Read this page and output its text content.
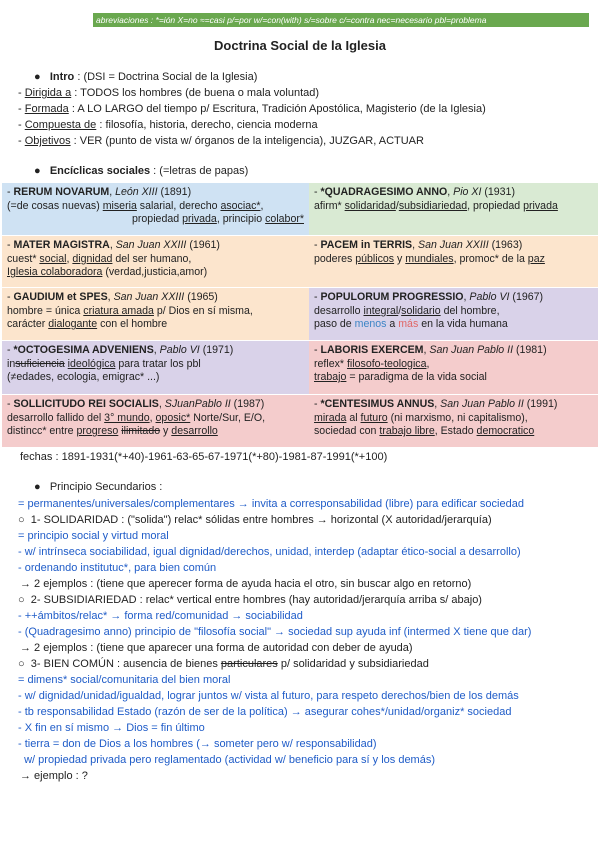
abreviaciones : *=ión X=no ≈=casi p/=por w/=con(with) s/=sobre c/=contra nec=necesario pbl=problema
Doctrina Social de la Iglesia
● Intro : (DSI = Doctrina Social de la Iglesia)
- Dirigida a : TODOS los hombres (de buena o mala voluntad)
- Formada : A LO LARGO del tiempo p/ Escritura, Tradición Apostólica, Magisterio (de la Iglesia)
- Compuesta de : filosofía, historia, derecho, ciencia moderna
- Objetivos : VER (punto de vista w/ órganos de la inteligencia), JUZGAR, ACTUAR
● Encíclicas sociales : (=letras de papas)
- RERUM NOVARUM, León XIII (1891)
(=de cosas nuevas) miseria salarial, derecho asociac*,
propiedad privada, principio colabor*
- *QUADRAGESIMO ANNO, Pio XI (1931)
afirm* solidaridad/subsidiariedad, propiedad privada
- MATER MAGISTRA, San Juan XXIII (1961)
cuest* social, dignidad del ser humano,
Iglesia colaboradora (verdad,justicia,amor)
- PACEM in TERRIS, San Juan XXIII (1963)
poderes públicos y mundiales, promoc* de la paz
- GAUDIUM et SPES, San Juan XXIII (1965)
hombre = única criatura amada p/ Dios en sí misma,
carácter dialogante con el hombre
- POPULORUM PROGRESSIO, Pablo VI (1967)
desarrollo integral/solidario del hombre,
paso de menos a más en la vida humana
- *OCTOGESIMA ADVENIENS, Pablo VI (1971)
insuficiencia ideológica para tratar los pbl
(≠edades, ecologia, emigrac* ...)
- LABORIS EXERCEM, San Juan Pablo II (1981)
reflex* filosofo-teologica,
trabajo = paradigma de la vida social
- SOLLICITUDO REI SOCIALIS, SJuanPablo II (1987)
desarrollo fallido del 3° mundo, oposic* Norte/Sur, E/O,
distincc* entre progreso ilimitado y desarrollo
- *CENTESIMUS ANNUS, San Juan Pablo II (1991)
mirada al futuro (ni marxismo, ni capitalismo),
sociedad con trabajo libre, Estado democratico
fechas : 1891-1931(*+40)-1961-63-65-67-1971(*+80)-1981-87-1991(*+100)
● Principio Secundarios :
= permanentes/universales/complementares → invita a corresponsabilidad (libre) para edificar sociedad
○ 1- SOLIDARIDAD : ("solida") relac* sólidas entre hombres → horizontal (X autoridad/jerarquía)
= principio social y virtud moral
- w/ intrínseca sociabilidad, igual dignidad/derechos, unidad, interdep (adaptar ético-social a desarrollo)
- ordenando institutuc*, para bien común
→ 2 ejemplos : (tiene que aperecer forma de ayuda hacia el otro, sin buscar algo en retorno)
○ 2- SUBSIDIARIEDAD : relac* vertical entre hombres (hay autoridad/jerarquía arriba s/ abajo)
- ++ámbitos/relac* → forma red/comunidad → sociabilidad
- (Quadragesimo anno) principio de "filosofía social" → sociedad sup ayuda inf (intermed X tiene que dar)
→ 2 ejemplos : (tiene que aparecer una forma de autoridad con deber de ayuda)
○ 3- BIEN COMÚN : ausencia de bienes particulares p/ solidaridad y subsidiariedad
= dimens* social/comunitaria del bien moral
- w/ dignidad/unidad/igualdad, lograr juntos w/ vista al futuro, para respeto derechos/bien de los demás
- tb responsabilidad Estado (razón de ser de la política) → asegurar cohes*/unidad/organiz* sociedad
- X fin en sí mismo → Dios = fin último
- tierra = don de Dios a los hombres (→ someter pero w/ responsabilidad)
w/ propiedad privada pero reglamentado (actividad w/ beneficio para sí y los demás)
→ ejemplo : ?
